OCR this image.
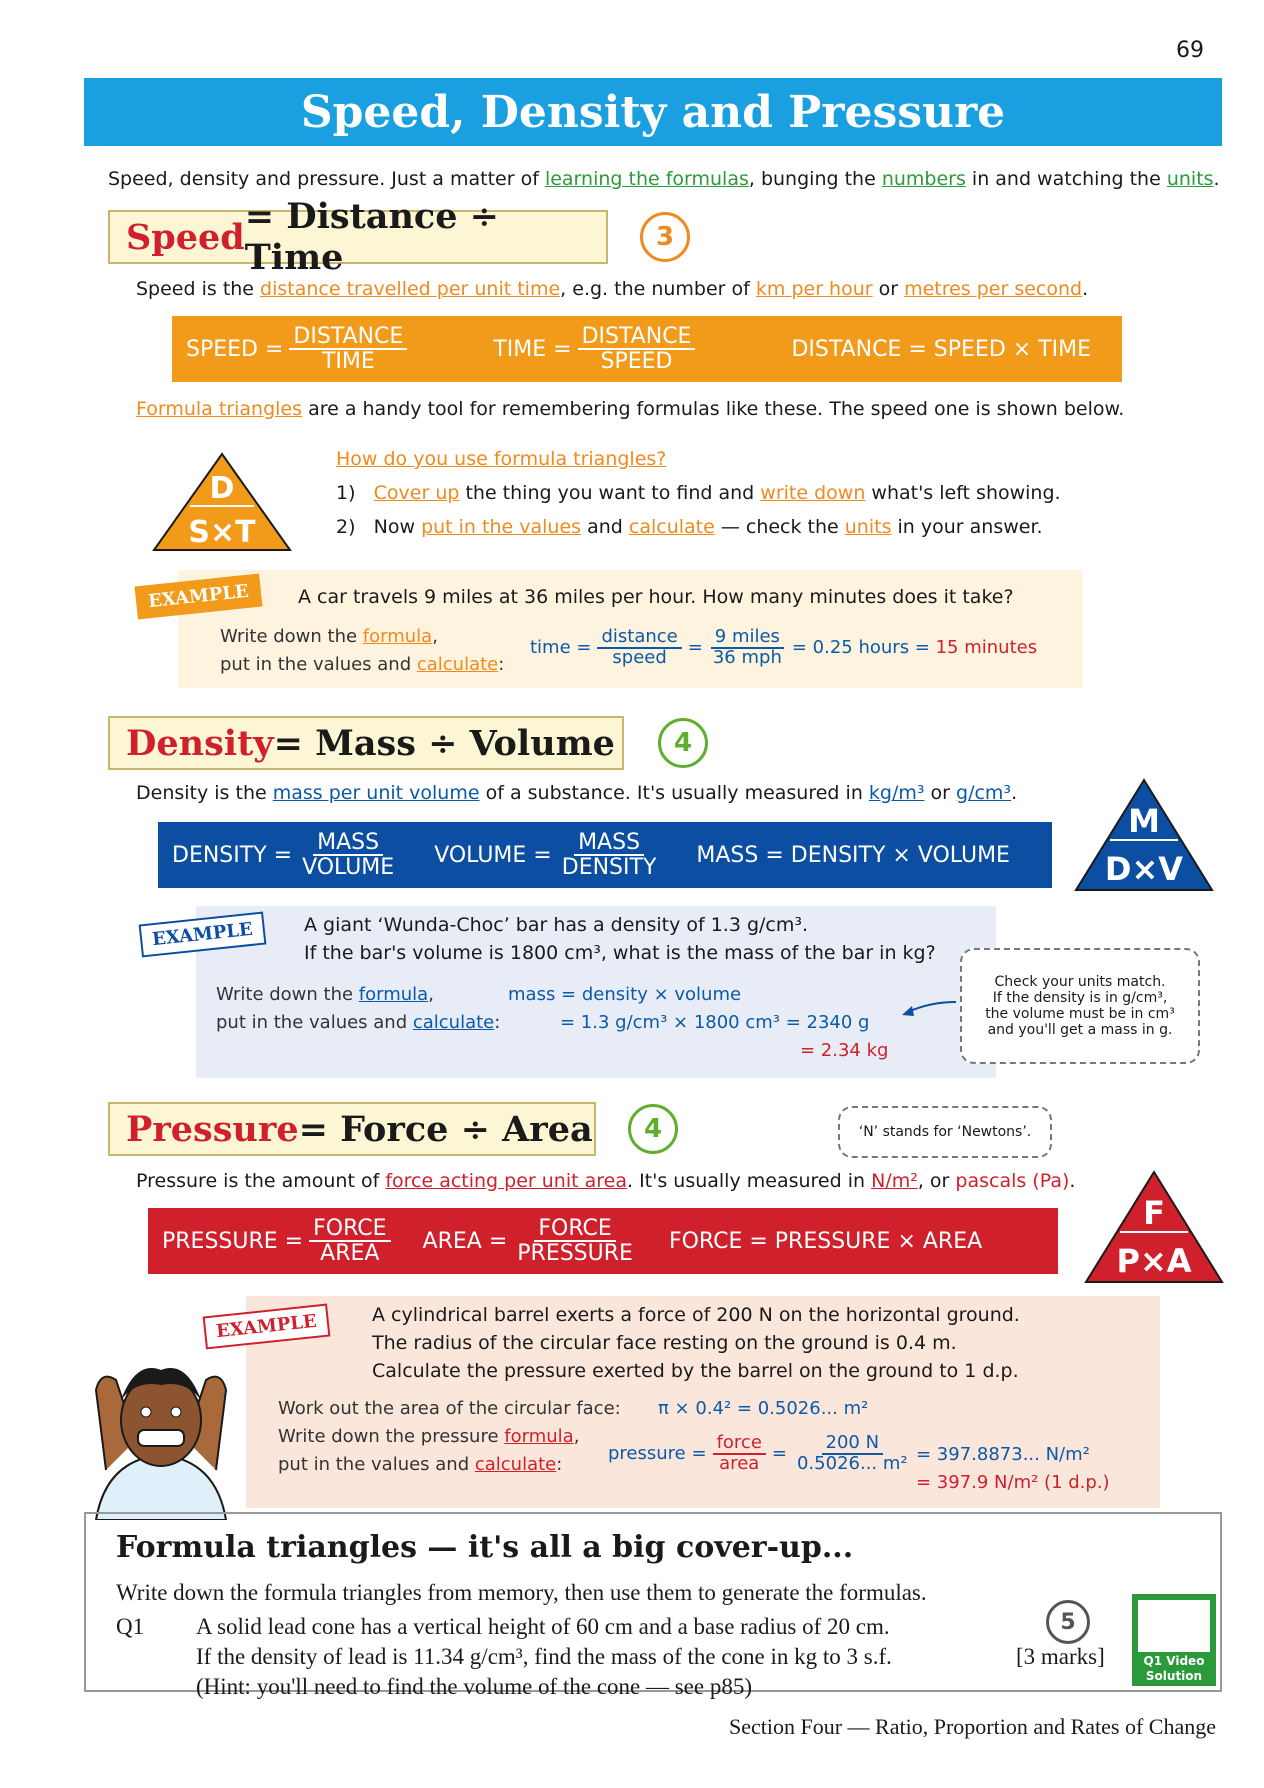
69
Speed, Density and Pressure
Speed, density and pressure. Just a matter of learning the formulas, bunging the numbers in and watching the units.
Speed = Distance ÷ Time	3
Speed is the distance travelled per unit time, e.g. the number of km per hour or metres per second.
SPEED = $\frac{\text{DISTANCE}}{\text{TIME}}$	TIME = $\frac{\text{DISTANCE}}{\text{SPEED}}$	DISTANCE = SPEED × TIME
Formula triangles are a handy tool for remembering formulas like these. The speed one is shown below.
D
S×T
How do you use formula triangles?
1) Cover up the thing you want to find and write down what's left showing.
2) Now put in the values and calculate — check the units in your answer.
EXAMPLE	A car travels 9 miles at 36 miles per hour. How many minutes does it take?
Write down the formula,
put in the values and calculate:
time = $\frac{\text{distance}}{\text{speed}} = \frac{\text{9 miles}}{\text{36 mph}} = 0.25$ hours =
15 minutes
Density = Mass ÷ Volume	4
Density is the mass per unit volume of a substance. It's usually measured in kg/m³ or g/cm³.
DENSITY = $\frac{\text{MASS}}{\text{VOLUME}}$ VOLUME = $\frac{\text{MASS}}{\text{DENSITY}}$ MASS = DENSITY × VOLUME
M
D×V
EXAMPLE	A giant ‘Wunda-Choc’ bar has a density of 1.3 g/cm³.
If the bar's volume is 1800 cm³, what is the mass of the bar in kg?
Write down the formula,
put in the values and calculate:
mass = density × volume
= 1.3 g/cm³ × 1800 cm³ = 2340 g
= 2.34 kg
Check your units match.
If the density is in g/cm³,
the volume must be in cm³
and you'll get a mass in g.
Pressure = Force ÷ Area	4	‘N’ stands for ‘Newtons’.
Pressure is the amount of force acting per unit area. It's usually measured in N/m², or pascals (Pa).
PRESSURE = $\frac{\text{FORCE}}{\text{AREA}}$ AREA = $\frac{\text{FORCE}}{\text{PRESSURE}}$ FORCE = PRESSURE × AREA
F
P×A
EXAMPLE	A cylindrical barrel exerts a force of 200 N on the horizontal ground.
The radius of the circular face resting on the ground is 0.4 m.
Calculate the pressure exerted by the barrel on the ground to 1 d.p.
Work out the area of the circular face: π × 0.4² = 0.5026... m²
Write down the pressure formula,
put in the values and calculate:
pressure = $\frac{\text{force}}{\text{area}} = \frac{200 N}{\text{0.5026... m²}} = 397.8873$... N/m²
= 397.9 N/m² (1 d.p.)
Formula triangles — it's all a big cover-up...
Write down the formula triangles from memory, then use them to generate the formulas.
Q1 A solid lead cone has a vertical height of 60 cm and a base radius of 20 cm.
If the density of lead is 11.34 g/cm³, find the mass of the cone in kg to 3 s.f.	[3 marks]
(Hint: you'll need to find the volume of the cone — see p85)
5
Q1 Video Solution
Section Four — Ratio, Proportion and Rates of Change
